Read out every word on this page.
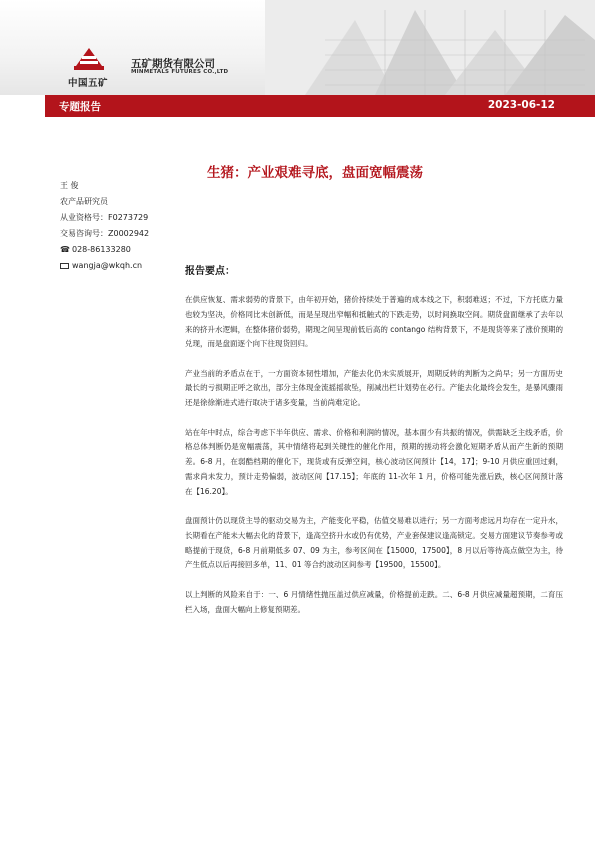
中国五矿
五矿期货有限公司
MINMETALS FUTURES CO.,LTD
专题报告	2023-06-12
生猪：产业艰难寻底，盘面宽幅震荡
王 俊
农产品研究员
从业资格号：F0273729
交易咨询号：Z0002942
☎ 028-86133280
wangja@wkqh.cn
报告要点：

在供应恢复、需求弱势的背景下，由年初开始，猪价持续处于普遍的成本线之下，积弱难返；不过，下方托底力量也较为坚决，价格同比未创新低，而是呈现出窄幅和抵触式的下跌走势，以时间换取空间。期货盘面继承了去年以来的挤升水逻辑，在整体猪价弱势，期现之间呈现前低后高的 contango 结构背景下，不是现货等来了涨价预期的兑现，而是盘面逐个向下往现货回归。

产业当前的矛盾点在于，一方面资本韧性增加，产能去化仍未实质展开，周期反转的判断为之尚早；另一方面历史最长的亏损期正呼之欲出，部分主体现金流摇摇欲坠，削减出栏计划势在必行。产能去化最终会发生，是暴风骤雨还是徐徐渐进式进行取决于诸多变量，当前尚难定论。

站在年中时点，综合考虑下半年供应、需求、价格和利润的情况，基本面少有共振的情况，供需缺乏主线矛盾，价格总体判断仍是宽幅震荡，其中情绪将起到关键性的催化作用，预期的搓动将会激化短期矛盾从而产生新的预期差。6-8 月，在弱酷档期的催化下，现货或有反弹空间，核心波动区间预计【14，17】；9-10 月供应重回过剩，需求尚未发力，预计走势偏弱，波动区间【17.15】；年底的 11-次年 1 月，价格可能先涨后跌，核心区间预计落在【16.20】。

盘面预计仍以现货主导的驱动交易为主，产能变化平稳，估值交易难以进行；另一方面考虑远月均存在一定升水，长期看在产能未大幅去化的背景下，逢高空挤升水或仍有优势，产业套保建议逢高锁定。交易方面建议节奏参考或略提前于现货，6-8 月前期低多 07、09 为主，参考区间在【15000，17500】，8 月以后等待高点做空为主，待产生低点以后再接回多单，11、01 等合约波动区间参考【19500，15500】。

以上判断的风险来自于：一、6 月情绪性抛压盖过供应减量，价格提前走跌。二、6-8 月供应减量超预期，二育压栏入场，盘面大幅向上修复预期差。
